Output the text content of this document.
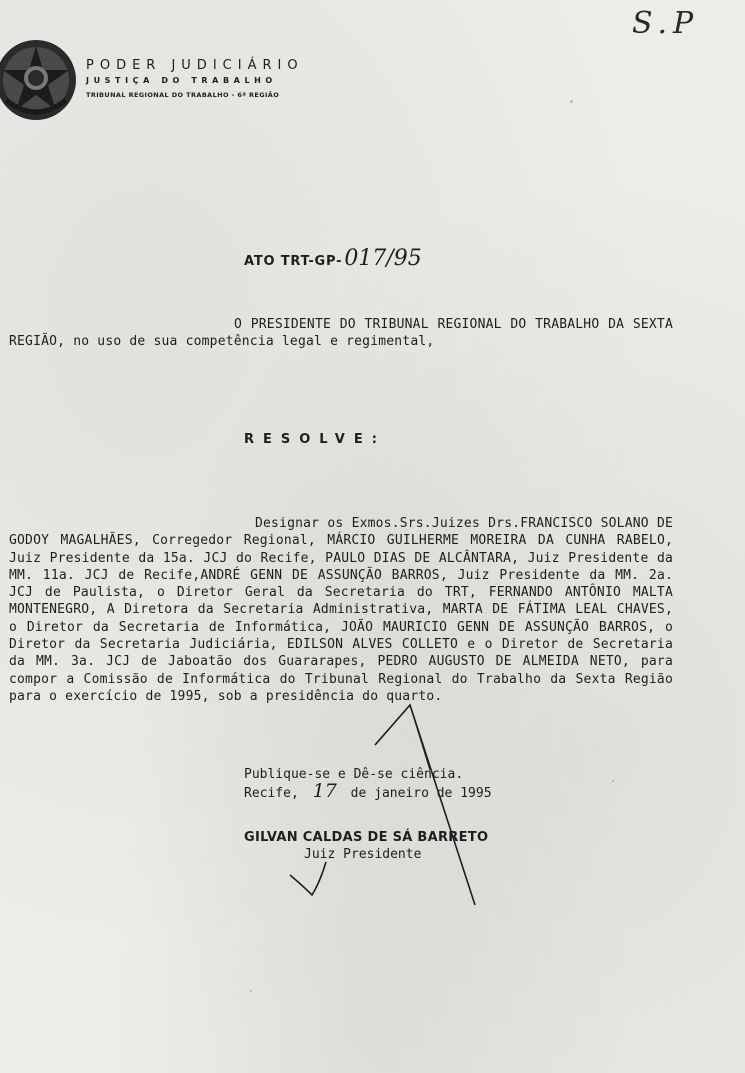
PODER JUDICIÁRIO
JUSTIÇA DO TRABALHO
TRIBUNAL REGIONAL DO TRABALHO - 6ª REGIÃO
S.P
ATO TRT-GP- 017/95
O PRESIDENTE DO TRIBUNAL REGIONAL DO TRABALHO DA SEXTA REGIÃO, no uso de sua competência legal e regimental,
RESOLVE:
Designar os Exmos.Srs.Juizes Drs.FRANCISCO SOLANO DE GODOY MAGALHÃES, Corregedor Regional, MÁRCIO GUILHERME MOREIRA DA CUNHA RABELO, Juiz Presidente da 15a. JCJ do Recife, PAULO DIAS DE ALCÂNTARA, Juiz Presidente da MM. 11a. JCJ de Recife,ANDRÉ GENN DE ASSUNÇÃO BARROS, Juiz Presidente da MM. 2a. JCJ de Paulista, o Diretor Geral da Secretaria do TRT, FERNANDO ANTÔNIO MALTA MONTENEGRO, A Diretora da Secretaria Administrativa, MARTA DE FÁTIMA LEAL CHAVES, o Diretor da Secretaria de Informática, JOÃO MAURICIO GENN DE ASSUNÇÃO BARROS, o Diretor da Secretaria Judiciária, EDILSON ALVES COLLETO e o Diretor de Secretaria da MM. 3a. JCJ de Jaboatão dos Guararapes, PEDRO AUGUSTO DE ALMEIDA NETO, para compor a Comissão de Informática do Tribunal Regional do Trabalho da Sexta Região para o exercício de 1995, sob a presidência do quarto.
Publique-se e Dê-se ciência.
Recife, 17 de janeiro de 1995
GILVAN CALDAS DE SÁ BARRETO
Juiz Presidente
